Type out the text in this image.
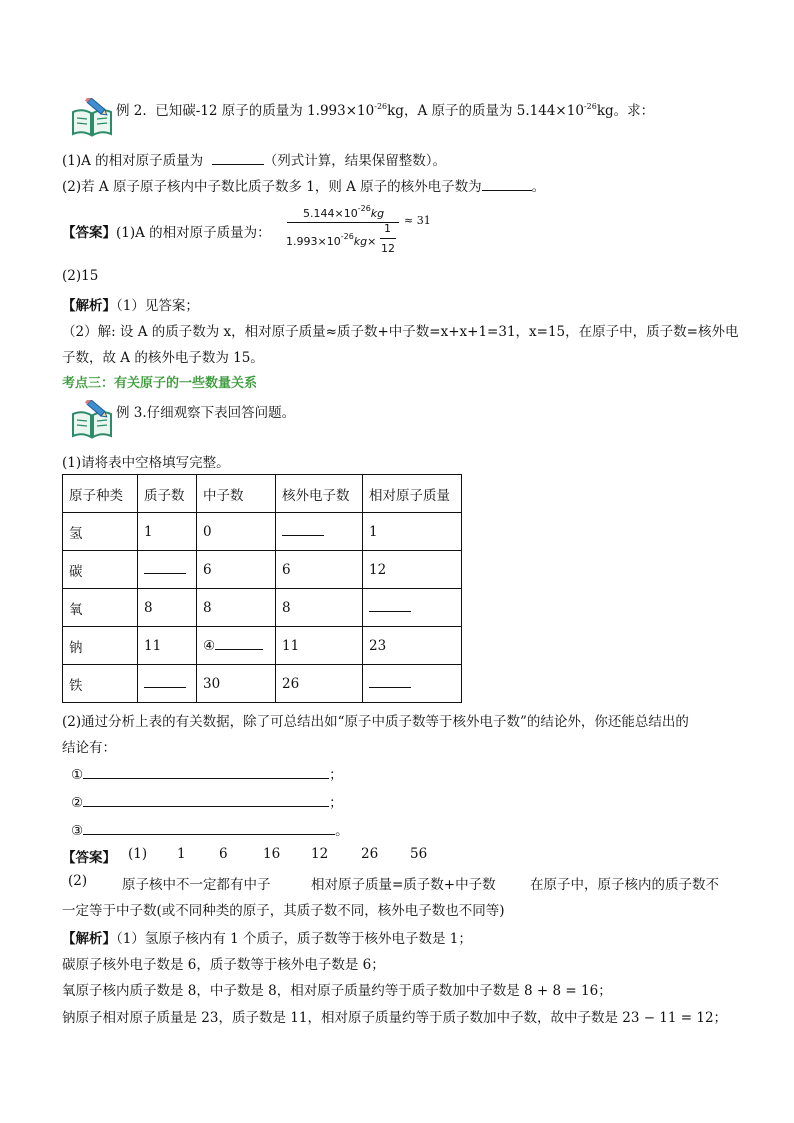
例 2. 已知碳-12 原子的质量为 $1.993\times 10^{-26}kg$，A 原子的质量为 $5.144\times 10^{-26}kg$。求：
(1)A 的相对原子质量为	（列式计算，结果保留整数）。
(2)若 A 原子原子核内中子数比质子数多 1，则 A 原子的核外电子数为	。
【答案】(1)A 的相对原子质量为：
$5.144\times 10^{-26}kg$
≈ 31
$1.993\times 10^{-26}kg\times$
1
12
(2)15
【解析】（1）见答案；
（2）解: 设 A 的质子数为 x，相对原子质量≈质子数+中子数=x+x+1=31，x=15，在原子中，质子数=核外电
子数，故 A 的核外电子数为 15。
考点三：有关原子的一些数量关系
例 3.仔细观察下表回答问题。
(1)请将表中空格填写完整。
原子种类	质子数	中子数	核外电子数	相对原子质量
氢	1	0		1
碳		6	6	12
氧	8	8	8	
钠	11	④	11	23
铁		30	26	
(2)通过分析上表的有关数据，除了可总结出如“原子中质子数等于核外电子数”的结论外，你还能总结出的
结论有：
①	；
②	；
③	。
【答案】 (1) 1 6	16 12 26 56
(2)	原子核中不一定都有中子	相对原子质量=质子数+中子数	在原子中，原子核内的质子数不
一定等于中子数(或不同种类的原子，其质子数不同，核外电子数也不同等)
【解析】（1）氢原子核内有 1 个质子，质子数等于核外电子数是 1；
碳原子核外电子数是 6，质子数等于核外电子数是 6；
氧原子核内质子数是 8，中子数是 8，相对原子质量约等于质子数加中子数是 8 + 8 = 16；
钠原子相对原子质量是 23，质子数是 11，相对原子质量约等于质子数加中子数，故中子数是 23 − 11 = 12；
